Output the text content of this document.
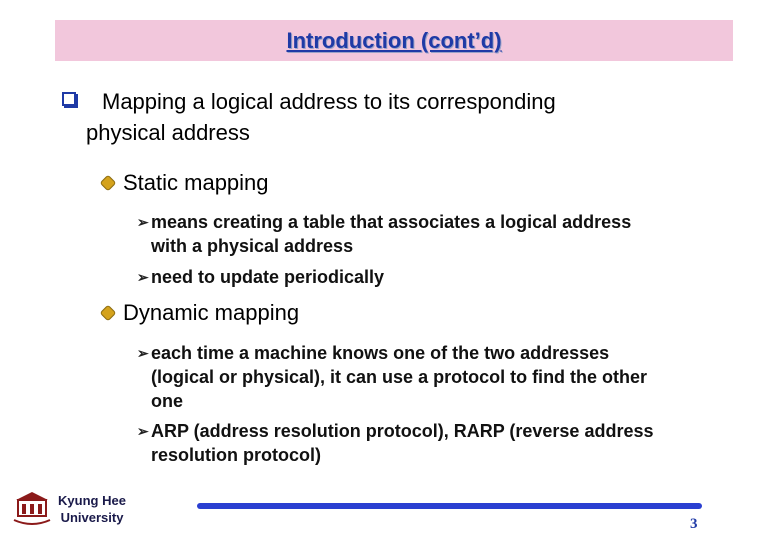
Introduction (cont’d)
Mapping a logical address to its corresponding
physical address
Static mapping
➢ means creating a table that associates a logical address
with a physical address
➢ need to update periodically
Dynamic mapping
➢ each time a machine knows one of the two addresses
(logical or physical), it can use a protocol to find the other
one
➢ ARP (address resolution protocol), RARP (reverse address
resolution protocol)
Kyung Hee
University	3
